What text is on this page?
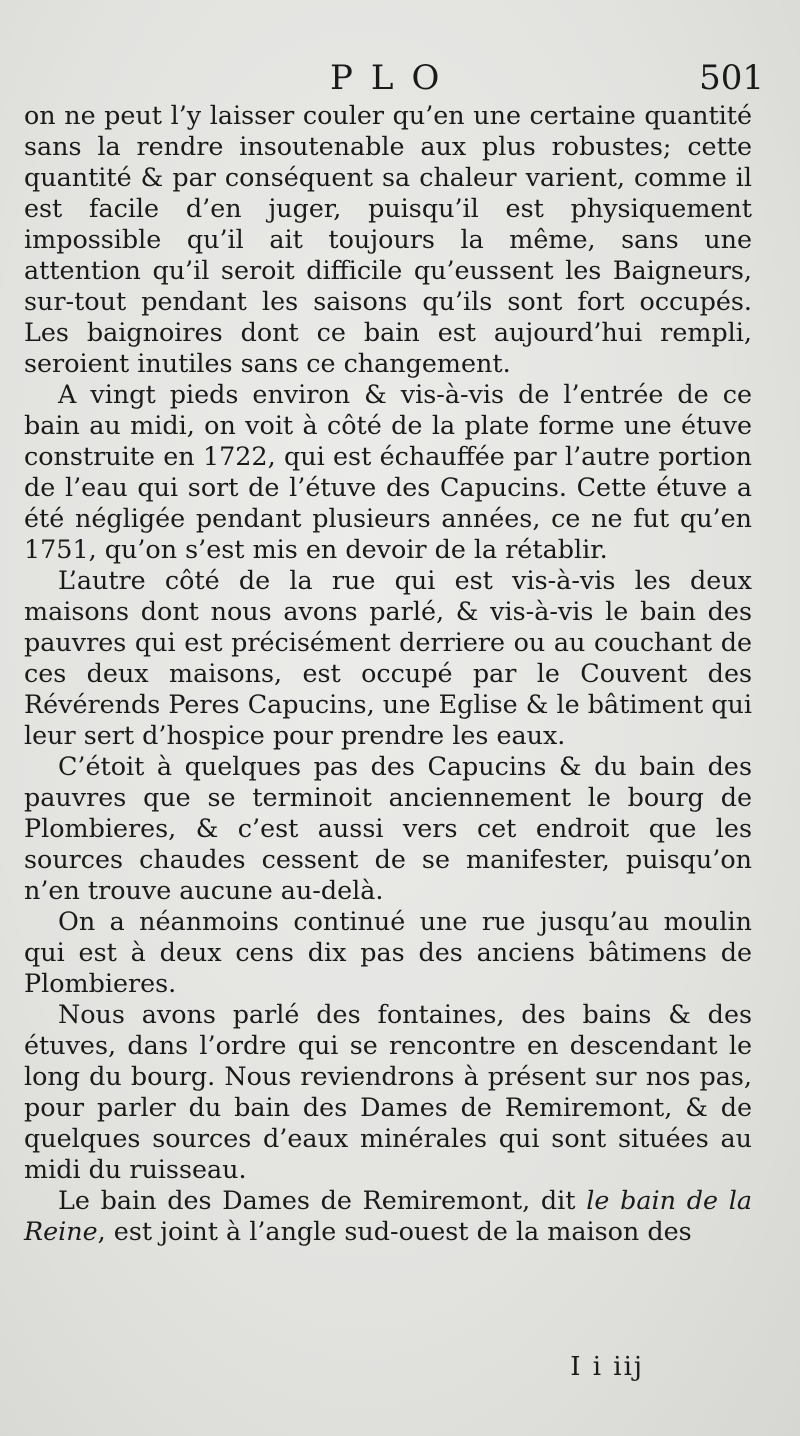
PLO	501

on ne peut l’y laisser couler qu’en une certaine quantité sans la rendre insoutenable aux plus robustes; cette quantité & par conséquent sa chaleur varient, comme il est facile d’en juger, puisqu’il est physiquement impossible qu’il ait toujours la même, sans une attention qu’il seroit difficile qu’eussent les Baigneurs, sur-tout pendant les saisons qu’ils sont fort occupés. Les baignoires dont ce bain est aujourd’hui rempli, seroient inutiles sans ce changement.

A vingt pieds environ & vis-à-vis de l’entrée de ce bain au midi, on voit à côté de la plate forme une étuve construite en 1722, qui est échauffée par l’autre portion de l’eau qui sort de l’étuve des Capucins. Cette étuve a été négligée pendant plusieurs années, ce ne fut qu’en 1751, qu’on s’est mis en devoir de la rétablir.

L’autre côté de la rue qui est vis-à-vis les deux maisons dont nous avons parlé, & vis-à-vis le bain des pauvres qui est précisément derriere ou au couchant de ces deux maisons, est occupé par le Couvent des Révérends Peres Capucins, une Eglise & le bâtiment qui leur sert d’hospice pour prendre les eaux.

C’étoit à quelques pas des Capucins & du bain des pauvres que se terminoit anciennement le bourg de Plombieres, & c’est aussi vers cet endroit que les sources chaudes cessent de se manifester, puisqu’on n’en trouve aucune au-delà.

On a néanmoins continué une rue jusqu’au moulin qui est à deux cens dix pas des anciens bâtimens de Plombieres.

Nous avons parlé des fontaines, des bains & des étuves, dans l’ordre qui se rencontre en descendant le long du bourg. Nous reviendrons à présent sur nos pas, pour parler du bain des Dames de Remiremont, & de quelques sources d’eaux minérales qui sont situées au midi du ruisseau.

Le bain des Dames de Remiremont, dit le bain de la Reine, est joint à l’angle sud-ouest de la maison des

I i iij
